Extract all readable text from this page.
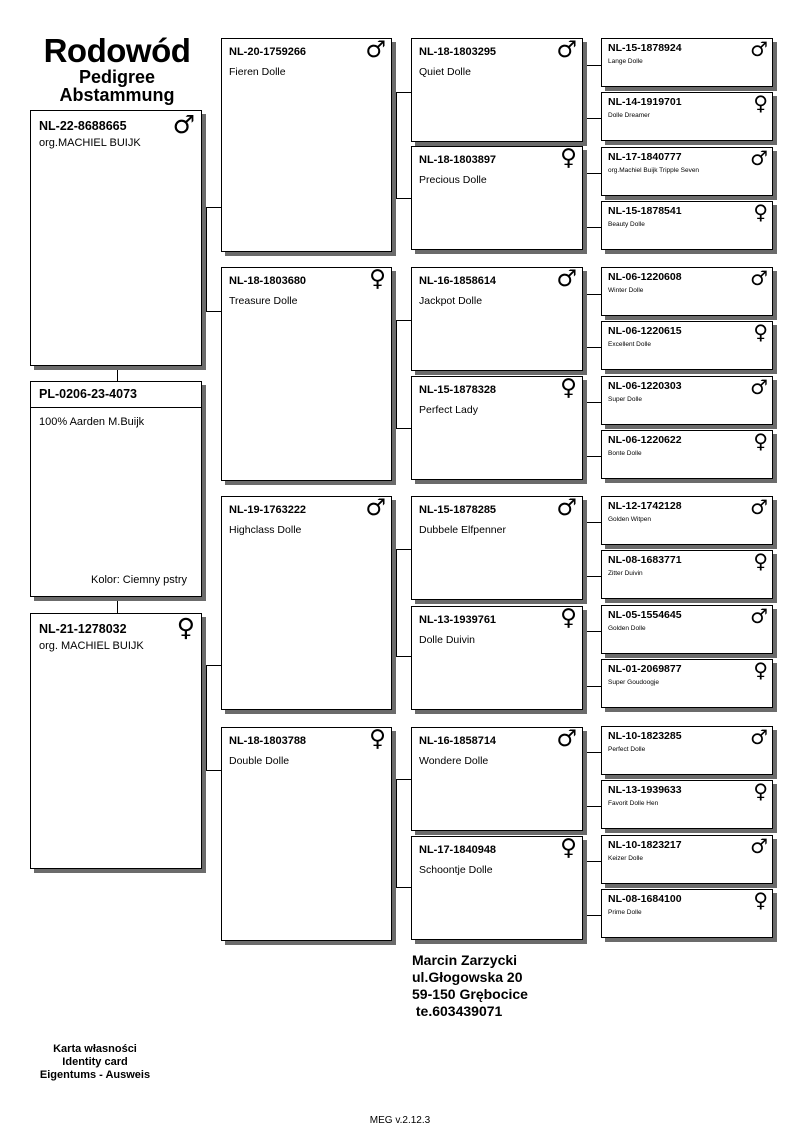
Rodowód
Pedigree
Abstammung
NL-22-8688665
org.MACHIEL BUIJK
♂
PL-0206-23-4073
100% Aarden M.Buijk
Kolor: Ciemny pstry
NL-21-1278032
org. MACHIEL BUIJK
♀
NL-20-1759266
Fieren Dolle
♂
NL-18-1803680
Treasure Dolle
♀
NL-19-1763222
Highclass Dolle
♂
NL-18-1803788
Double Dolle
♀
NL-18-1803295
Quiet Dolle
♂
NL-18-1803897
Precious Dolle
♀
NL-16-1858614
Jackpot Dolle
♂
NL-15-1878328
Perfect Lady
♀
NL-15-1878285
Dubbele Elfpenner
♂
NL-13-1939761
Dolle Duivin
♀
NL-16-1858714
Wondere Dolle
♂
NL-17-1840948
Schoontje Dolle
♀
NL-15-1878924
Lange Dolle
♂
NL-14-1919701
Dolle Dreamer
♀
NL-17-1840777
org.Machiel Buijk Tripple Seven
♂
NL-15-1878541
Beauty Dolle
♀
NL-06-1220608
Winter Dolle
♂
NL-06-1220615
Excellent Dolle
♀
NL-06-1220303
Super Dolle
♂
NL-06-1220622
Bonte Dolle
♀
NL-12-1742128
Golden Witpen
♂
NL-08-1683771
Zitter Duivin
♀
NL-05-1554645
Golden Dolle
♂
NL-01-2069877
Super Goudoogje
♀
NL-10-1823285
Perfect Dolle
♂
NL-13-1939633
Favorit Dolle Hen
♀
NL-10-1823217
Keizer Dolle
♂
NL-08-1684100
Prime Dolle
♀
Marcin Zarzycki
ul.Głogowska 20
59-150 Grębocice
te.603439071
Karta własności
Identity card
Eigentums - Ausweis
MEG v.2.12.3
